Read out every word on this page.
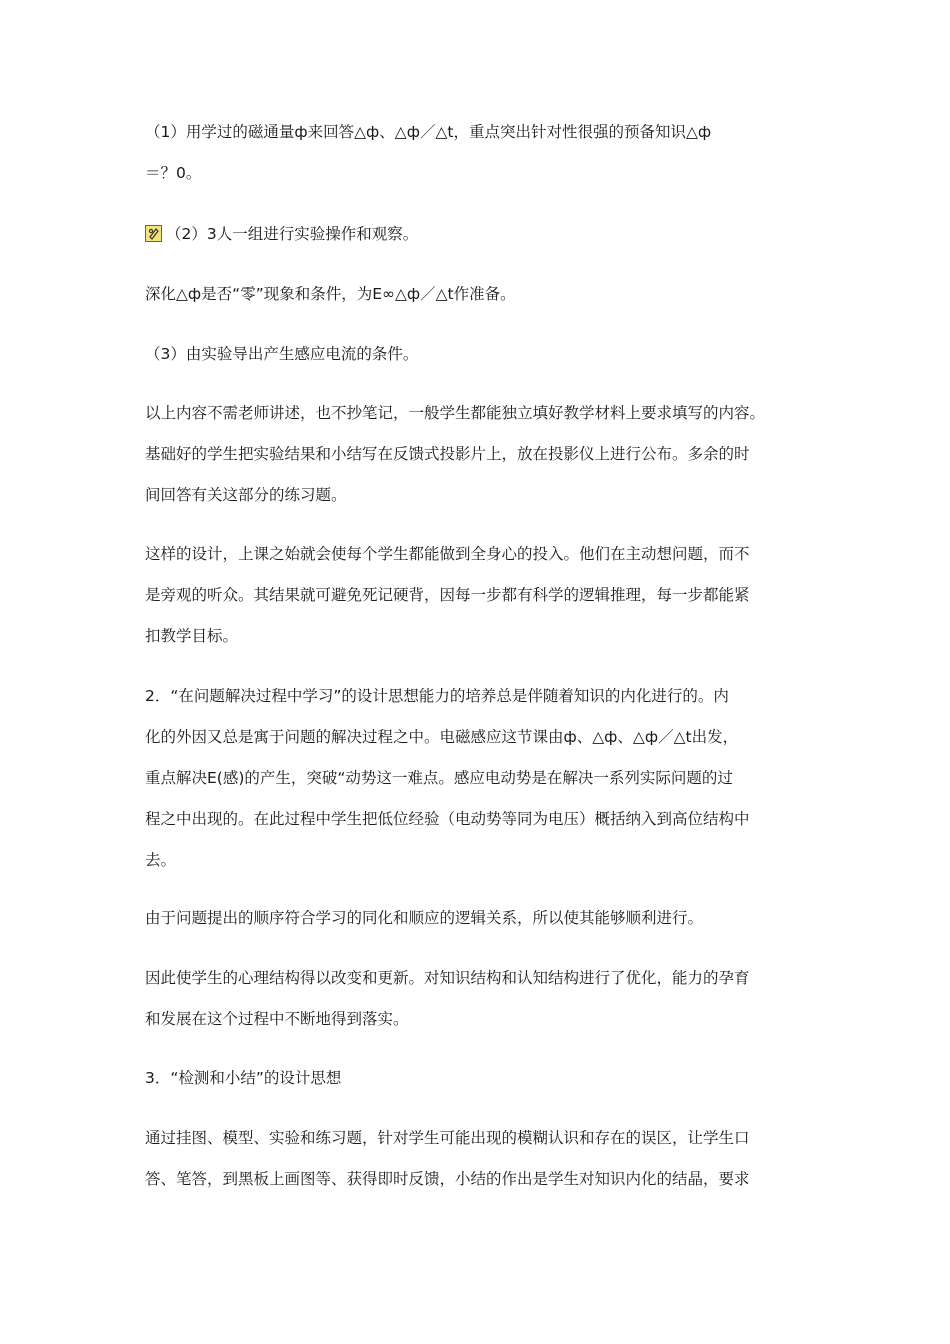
（1）用学过的磁通量ф来回答△ф、△ф／△t，重点突出针对性很强的预备知识△ф
＝？0。

（2）3人一组进行实验操作和观察。

深化△ф是否“零”现象和条件，为E∞△ф／△t作准备。

（3）由实验导出产生感应电流的条件。

以上内容不需老师讲述，也不抄笔记，一般学生都能独立填好教学材料上要求填写的内容。
基础好的学生把实验结果和小结写在反馈式投影片上，放在投影仪上进行公布。多余的时
间回答有关这部分的练习题。

这样的设计，上课之始就会使每个学生都能做到全身心的投入。他们在主动想问题，而不
是旁观的听众。其结果就可避免死记硬背，因每一步都有科学的逻辑推理，每一步都能紧
扣教学目标。

2．“在问题解决过程中学习”的设计思想能力的培养总是伴随着知识的内化进行的。内
化的外因又总是寓于问题的解决过程之中。电磁感应这节课由ф、△ф、△ф／△t出发，
重点解决E(感)的产生，突破“动势这一难点。感应电动势是在解决一系列实际问题的过
程之中出现的。在此过程中学生把低位经验（电动势等同为电压）概括纳入到高位结构中
去。

由于问题提出的顺序符合学习的同化和顺应的逻辑关系，所以使其能够顺利进行。

因此使学生的心理结构得以改变和更新。对知识结构和认知结构进行了优化，能力的孕育
和发展在这个过程中不断地得到落实。

3．“检测和小结”的设计思想

通过挂图、模型、实验和练习题，针对学生可能出现的模糊认识和存在的误区，让学生口
答、笔答，到黑板上画图等、获得即时反馈，小结的作出是学生对知识内化的结晶，要求
